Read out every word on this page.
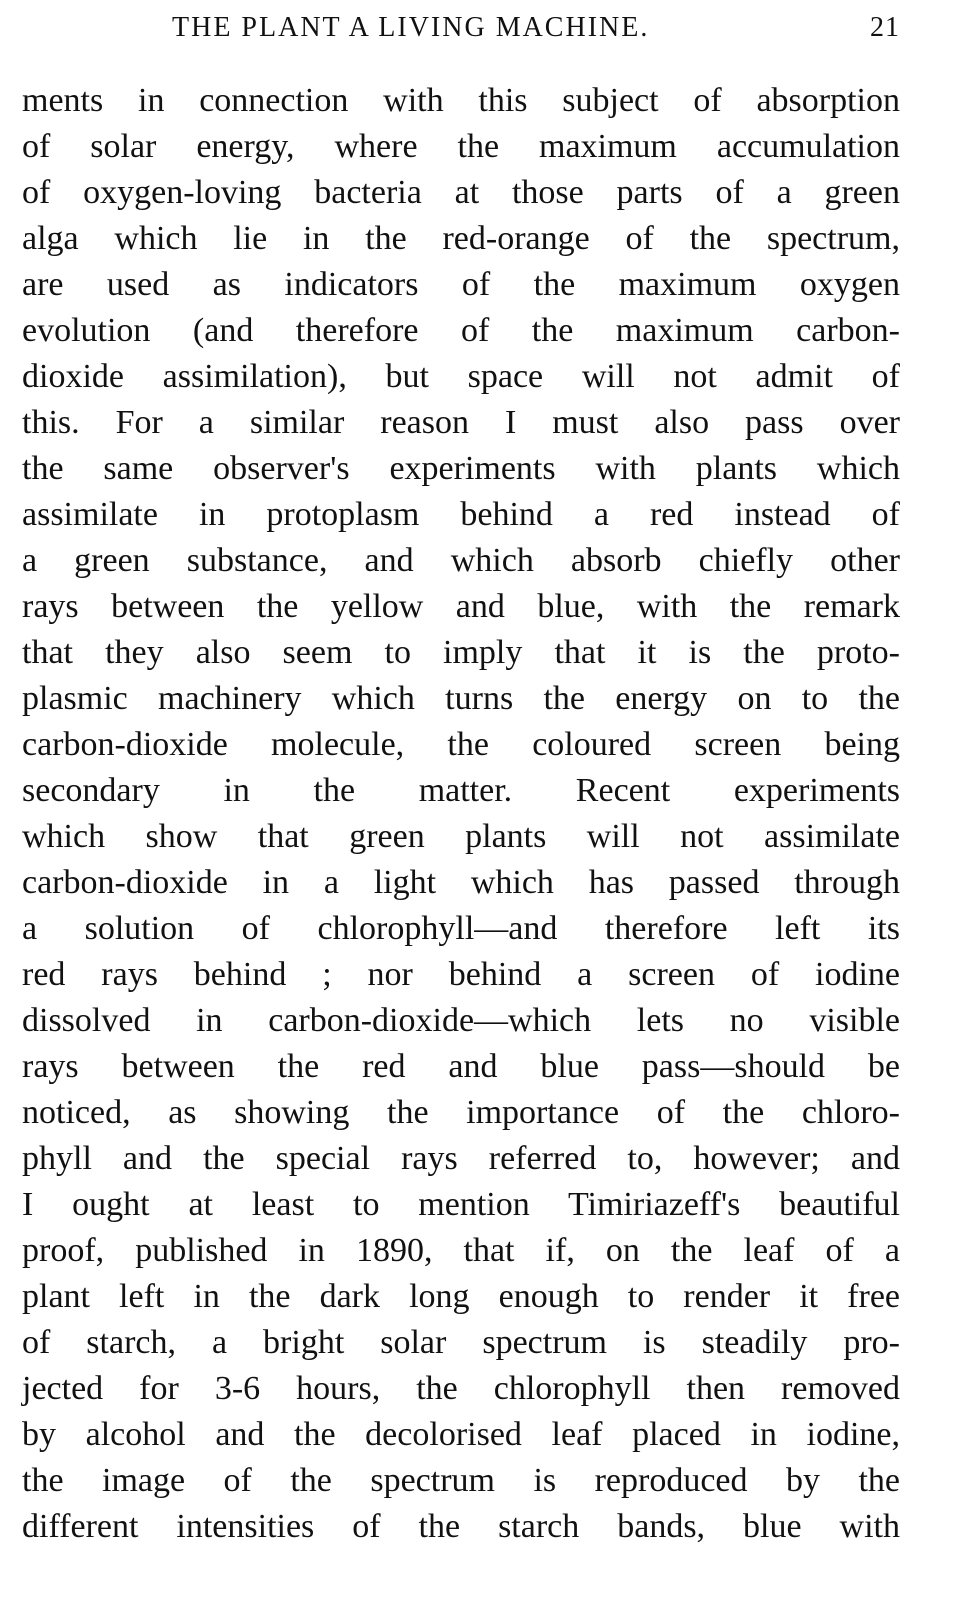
THE PLANT A LIVING MACHINE.	21
ments in connection with this subject of absorption
of solar energy, where the maximum accumulation
of oxygen-loving bacteria at those parts of a green
alga which lie in the red-orange of the spectrum,
are used as indicators of the maximum oxygen
evolution (and therefore of the maximum carbon-
dioxide assimilation), but space will not admit of
this. For a similar reason I must also pass over
the same observer's experiments with plants which
assimilate in protoplasm behind a red instead of
a green substance, and which absorb chiefly other
rays between the yellow and blue, with the remark
that they also seem to imply that it is the proto-
plasmic machinery which turns the energy on to the
carbon-dioxide molecule, the coloured screen being
secondary in the matter. Recent experiments
which show that green plants will not assimilate
carbon-dioxide in a light which has passed through
a solution of chlorophyll—and therefore left its
red rays behind ; nor behind a screen of iodine
dissolved in carbon-dioxide—which lets no visible
rays between the red and blue pass—should be
noticed, as showing the importance of the chloro-
phyll and the special rays referred to, however; and
I ought at least to mention Timiriazeff's beautiful
proof, published in 1890, that if, on the leaf of a
plant left in the dark long enough to render it free
of starch, a bright solar spectrum is steadily pro-
jected for 3-6 hours, the chlorophyll then removed
by alcohol and the decolorised leaf placed in iodine,
the image of the spectrum is reproduced by the
different intensities of the starch bands, blue with
